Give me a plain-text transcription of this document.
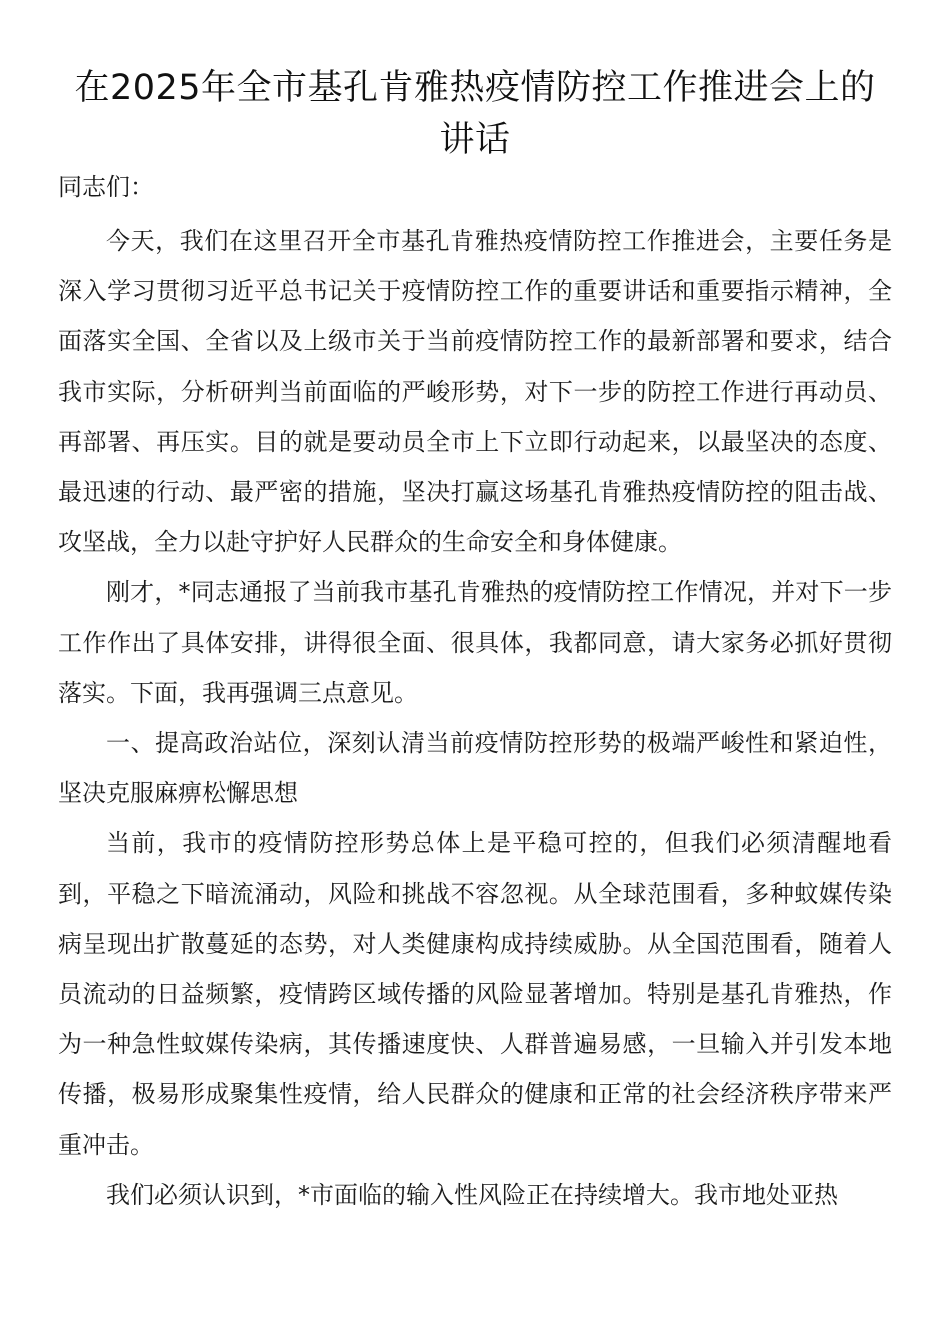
在2025年全市基孔肯雅热疫情防控工作推进会上的讲话

同志们：

今天，我们在这里召开全市基孔肯雅热疫情防控工作推进会，主要任务是深入学习贯彻习近平总书记关于疫情防控工作的重要讲话和重要指示精神，全面落实全国、全省以及上级市关于当前疫情防控工作的最新部署和要求，结合我市实际，分析研判当前面临的严峻形势，对下一步的防控工作进行再动员、再部署、再压实。目的就是要动员全市上下立即行动起来，以最坚决的态度、最迅速的行动、最严密的措施，坚决打赢这场基孔肯雅热疫情防控的阻击战、攻坚战，全力以赴守护好人民群众的生命安全和身体健康。

刚才，*同志通报了当前我市基孔肯雅热的疫情防控工作情况，并对下一步工作作出了具体安排，讲得很全面、很具体，我都同意，请大家务必抓好贯彻落实。下面，我再强调三点意见。

一、提高政治站位，深刻认清当前疫情防控形势的极端严峻性和紧迫性，坚决克服麻痹松懈思想

当前，我市的疫情防控形势总体上是平稳可控的，但我们必须清醒地看到，平稳之下暗流涌动，风险和挑战不容忽视。从全球范围看，多种蚊媒传染病呈现出扩散蔓延的态势，对人类健康构成持续威胁。从全国范围看，随着人员流动的日益频繁，疫情跨区域传播的风险显著增加。特别是基孔肯雅热，作为一种急性蚊媒传染病，其传播速度快、人群普遍易感，一旦输入并引发本地传播，极易形成聚集性疫情，给人民群众的健康和正常的社会经济秩序带来严重冲击。

我们必须认识到，*市面临的输入性风险正在持续增大。我市地处亚热
